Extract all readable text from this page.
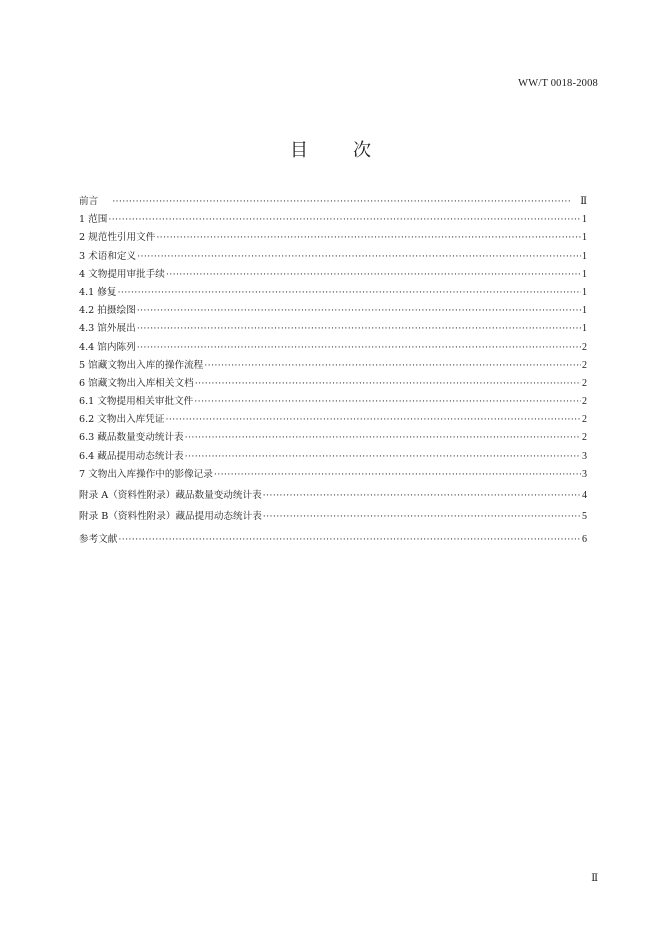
WW/T 0018-2008
目 次
前言 ·····	Ⅱ
1 范围 ·····	1
2 规范性引用文件 ·····	1
3 术语和定义 ·····	1
4 文物提用审批手续 ·····	1
4.1 修复 ·····	1
4.2 拍摄绘图 ·····	1
4.3 馆外展出 ·····	1
4.4 馆内陈列 ·····	2
5 馆藏文物出入库的操作流程 ·····	2
6 馆藏文物出入库相关文档 ·····	2
6.1 文物提用相关审批文件 ·····	2
6.2 文物出入库凭证 ·····	2
6.3 藏品数量变动统计表 ·····	2
6.4 藏品提用动态统计表 ·····	3
7 文物出入库操作中的影像记录 ·····	3
附录 A（资料性附录）藏品数量变动统计表 ·····	4
附录 B（资料性附录）藏品提用动态统计表 ·····	5
参考文献 ·····	6
Ⅱ
